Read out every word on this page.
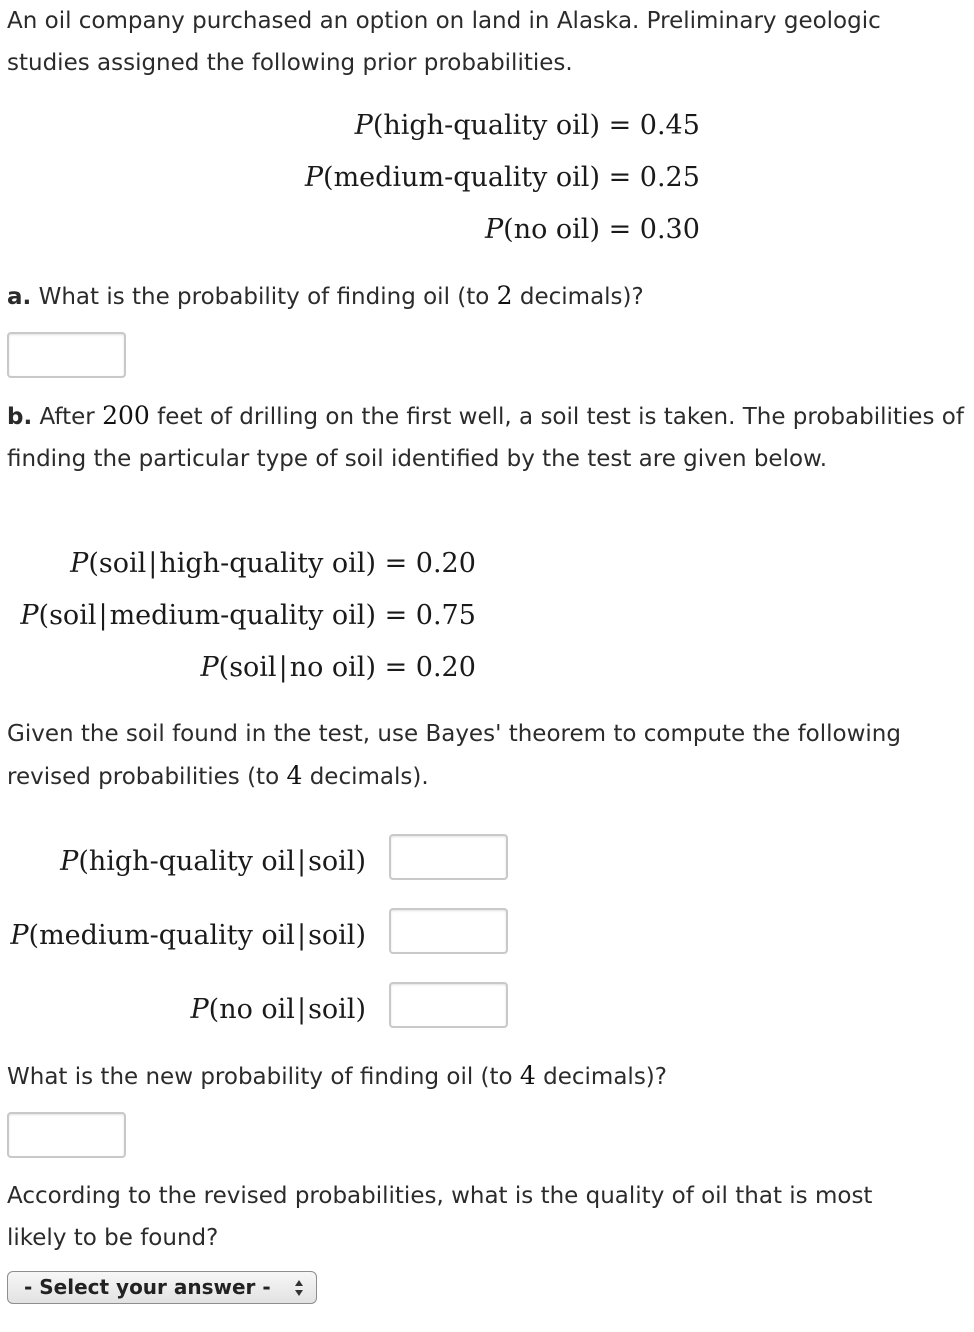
An oil company purchased an option on land in Alaska. Preliminary geologic studies assigned the following prior probabilities.

P(high-quality oil) = 0.45
P(medium-quality oil) = 0.25
P(no oil) = 0.30

a. What is the probability of finding oil (to 2 decimals)?

b. After 200 feet of drilling on the first well, a soil test is taken. The probabilities of finding the particular type of soil identified by the test are given below.

P(soil|high-quality oil) = 0.20
P(soil|medium-quality oil) = 0.75
P(soil|no oil) = 0.20

Given the soil found in the test, use Bayes' theorem to compute the following revised probabilities (to 4 decimals).

P(high-quality oil|soil)
P(medium-quality oil|soil)
P(no oil|soil)

What is the new probability of finding oil (to 4 decimals)?

According to the revised probabilities, what is the quality of oil that is most likely to be found?

- Select your answer -
